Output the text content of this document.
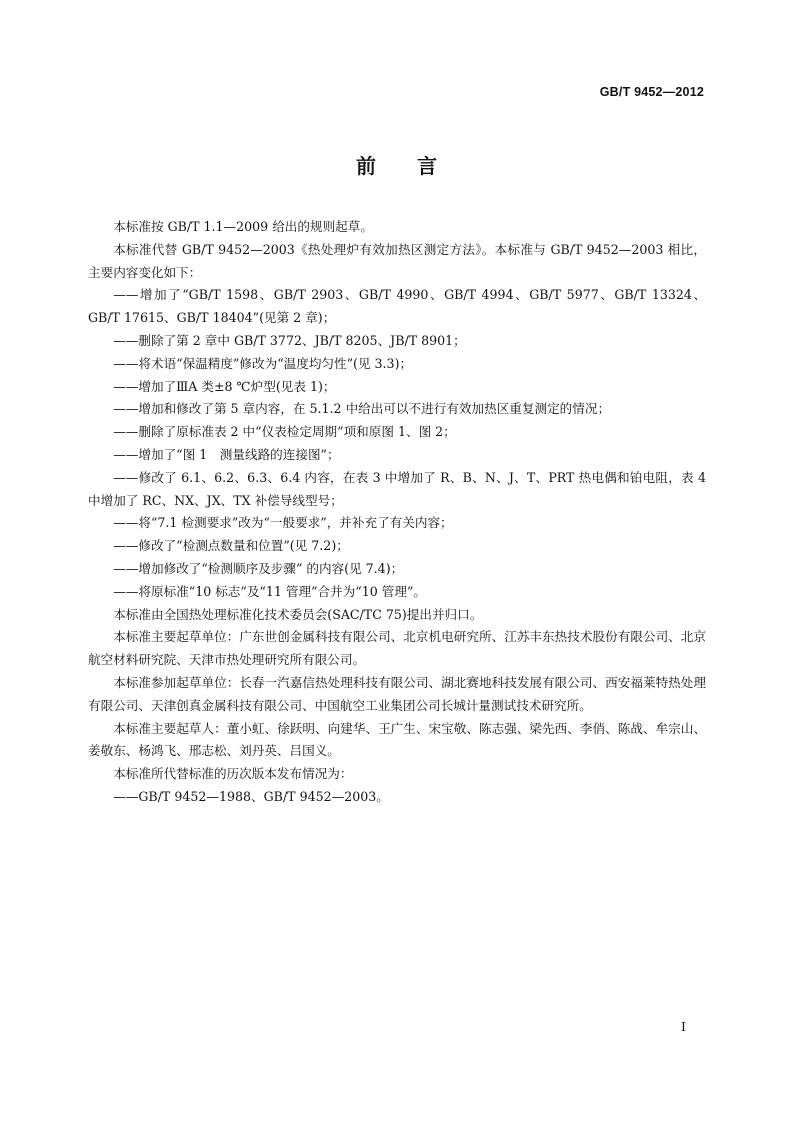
GB/T 9452—2012
前 言

本标准按 GB/T 1.1—2009 给出的规则起草。

本标准代替 GB/T 9452—2003《热处理炉有效加热区测定方法》。本标准与 GB/T 9452—2003 相比，主要内容变化如下：

——增加了“GB/T 1598、GB/T 2903、GB/T 4990、GB/T 4994、GB/T 5977、GB/T 13324、GB/T 17615、GB/T 18404”(见第 2 章)；

——删除了第 2 章中 GB/T 3772、JB/T 8205、JB/T 8901；

——将术语“保温精度”修改为“温度均匀性”(见 3.3)；

——增加了ⅢA 类±8 ℃炉型(见表 1)；

——增加和修改了第 5 章内容，在 5.1.2 中给出可以不进行有效加热区重复测定的情况；

——删除了原标准表 2 中“仪表检定周期”项和原图 1、图 2；

——增加了“图 1　测量线路的连接图”；

——修改了 6.1、6.2、6.3、6.4 内容，在表 3 中增加了 R、B、N、J、T、PRT 热电偶和铂电阻，表 4 中增加了 RC、NX、JX、TX 补偿导线型号；

——将“7.1 检测要求”改为“一般要求”，并补充了有关内容；

——修改了“检测点数量和位置”(见 7.2)；

——增加修改了“检测顺序及步骤” 的内容(见 7.4)；

——将原标准“10 标志”及“11 管理”合并为“10 管理”。

本标准由全国热处理标准化技术委员会(SAC/TC 75)提出并归口。

本标准主要起草单位：广东世创金属科技有限公司、北京机电研究所、江苏丰东热技术股份有限公司、北京航空材料研究院、天津市热处理研究所有限公司。

本标准参加起草单位：长春一汽嘉信热处理科技有限公司、湖北赛地科技发展有限公司、西安福莱特热处理有限公司、天津创真金属科技有限公司、中国航空工业集团公司长城计量测试技术研究所。

本标准主要起草人：董小虹、徐跃明、向建华、王广生、宋宝敬、陈志强、梁先西、李俏、陈战、牟宗山、姜敬东、杨鸿飞、邢志松、刘丹英、吕国义。

本标准所代替标准的历次版本发布情况为：

——GB/T 9452—1988、GB/T 9452—2003。

I
